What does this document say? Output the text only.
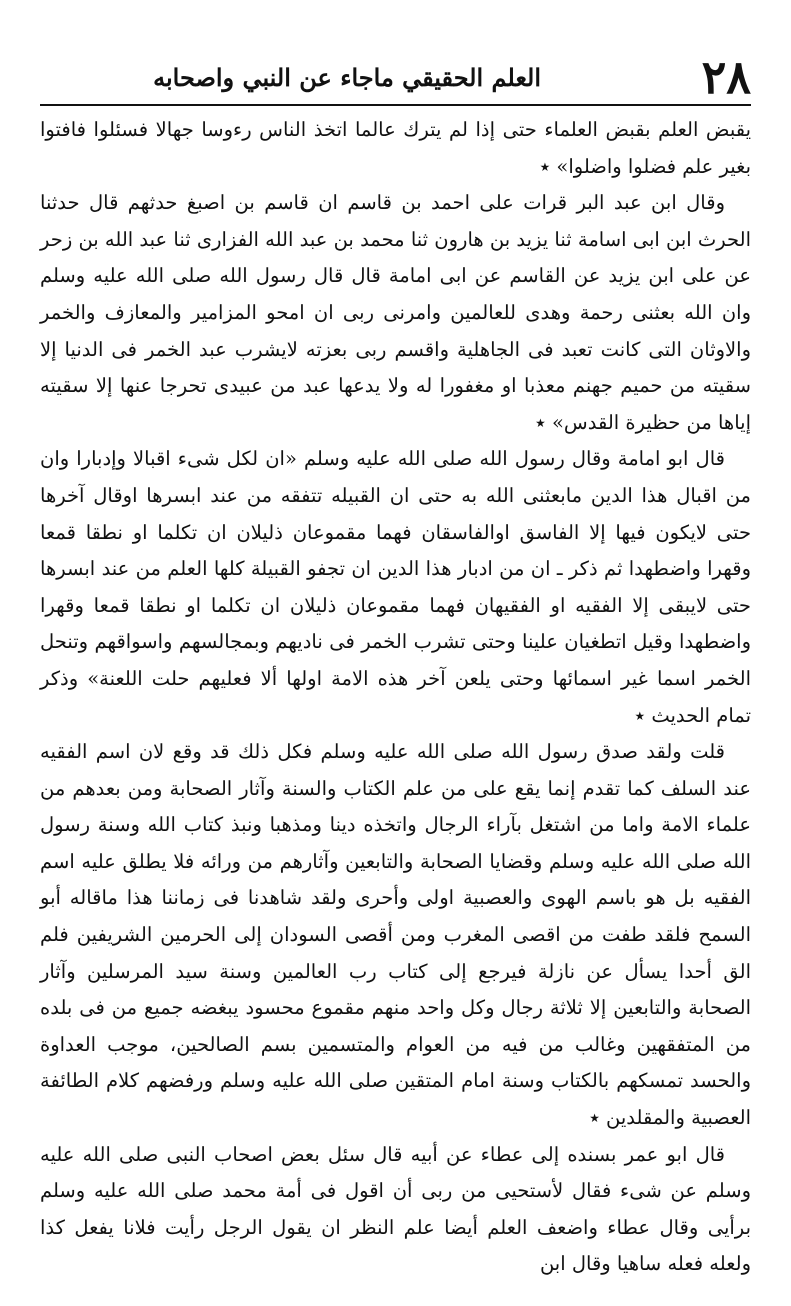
٢٨
العلم الحقيقي ماجاء عن النبي واصحابه

يقبض العلم بقبض العلماء حتى إذا لم يترك عالما اتخذ الناس رءوسا جهالا فسئلوا فافتوا بغير علم فضلوا واضلوا» ٭

وقال ابن عبد البر قرات على احمد بن قاسم ان قاسم بن اصبغ حدثهم قال حدثنا الحرث ابن ابى اسامة ثنا يزيد بن هارون ثنا محمد بن عبد الله الفزارى ثنا عبد الله بن زحر عن على ابن يزيد عن القاسم عن ابى امامة قال قال رسول الله صلى الله عليه وسلم وان الله بعثنى رحمة وهدى للعالمين وامرنى ربى ان امحو المزامير والمعازف والخمر والاوثان التى كانت تعبد فى الجاهلية واقسم ربى بعزته لايشرب عبد الخمر فى الدنيا إلا سقيته من حميم جهنم معذبا او مغفورا له ولا يدعها عبد من عبيدى تحرجا عنها إلا سقيته إياها من حظيرة القدس» ٭

قال ابو امامة وقال رسول الله صلى الله عليه وسلم «ان لكل شىء اقبالا وإدبارا وان من اقبال هذا الدين مابعثنى الله به حتى ان القبيله تتفقه من عند ابسرها اوقال آخرها حتى لايكون فيها إلا الفاسق اوالفاسقان فهما مقموعان ذليلان ان تكلما او نطقا قمعا وقهرا واضطهدا ثم ذكر ـ ان من ادبار هذا الدين ان تجفو القبيلة كلها العلم من عند ابسرها حتى لايبقى إلا الفقيه او الفقيهان فهما مقموعان ذليلان ان تكلما او نطقا قمعا وقهرا واضطهدا وقيل اتطغيان علينا وحتى تشرب الخمر فى ناديهم وبمجالسهم واسواقهم وتنحل الخمر اسما غير اسمائها وحتى يلعن آخر هذه الامة اولها ألا فعليهم حلت اللعنة» وذكر تمام الحديث ٭

قلت ولقد صدق رسول الله صلى الله عليه وسلم فكل ذلك قد وقع لان اسم الفقيه عند السلف كما تقدم إنما يقع على من علم الكتاب والسنة وآثار الصحابة ومن بعدهم من علماء الامة واما من اشتغل بآراء الرجال واتخذه دينا ومذهبا ونبذ كتاب الله وسنة رسول الله صلى الله عليه وسلم وقضايا الصحابة والتابعين وآثارهم من ورائه فلا يطلق عليه اسم الفقيه بل هو باسم الهوى والعصبية اولى وأحرى ولقد شاهدنا فى زماننا هذا ماقاله أبو السمح فلقد طفت من اقصى المغرب ومن أقصى السودان إلى الحرمين الشريفين فلم الق أحدا يسأل عن نازلة فيرجع إلى كتاب رب العالمين وسنة سيد المرسلين وآثار الصحابة والتابعين إلا ثلاثة رجال وكل واحد منهم مقموع محسود يبغضه جميع من فى بلده من المتفقهين وغالب من فيه من العوام والمتسمين بسم الصالحين، موجب العداوة والحسد تمسكهم بالكتاب وسنة امام المتقين صلى الله عليه وسلم ورفضهم كلام الطائفة العصبية والمقلدين ٭

قال ابو عمر بسنده إلى عطاء عن أبيه قال سئل بعض اصحاب النبى صلى الله عليه وسلم عن شىء فقال لأستحيى من ربى أن اقول فى أمة محمد صلى الله عليه وسلم برأيى وقال عطاء واضعف العلم أيضا علم النظر ان يقول الرجل رأيت فلانا يفعل كذا ولعله فعله ساهيا وقال ابن
